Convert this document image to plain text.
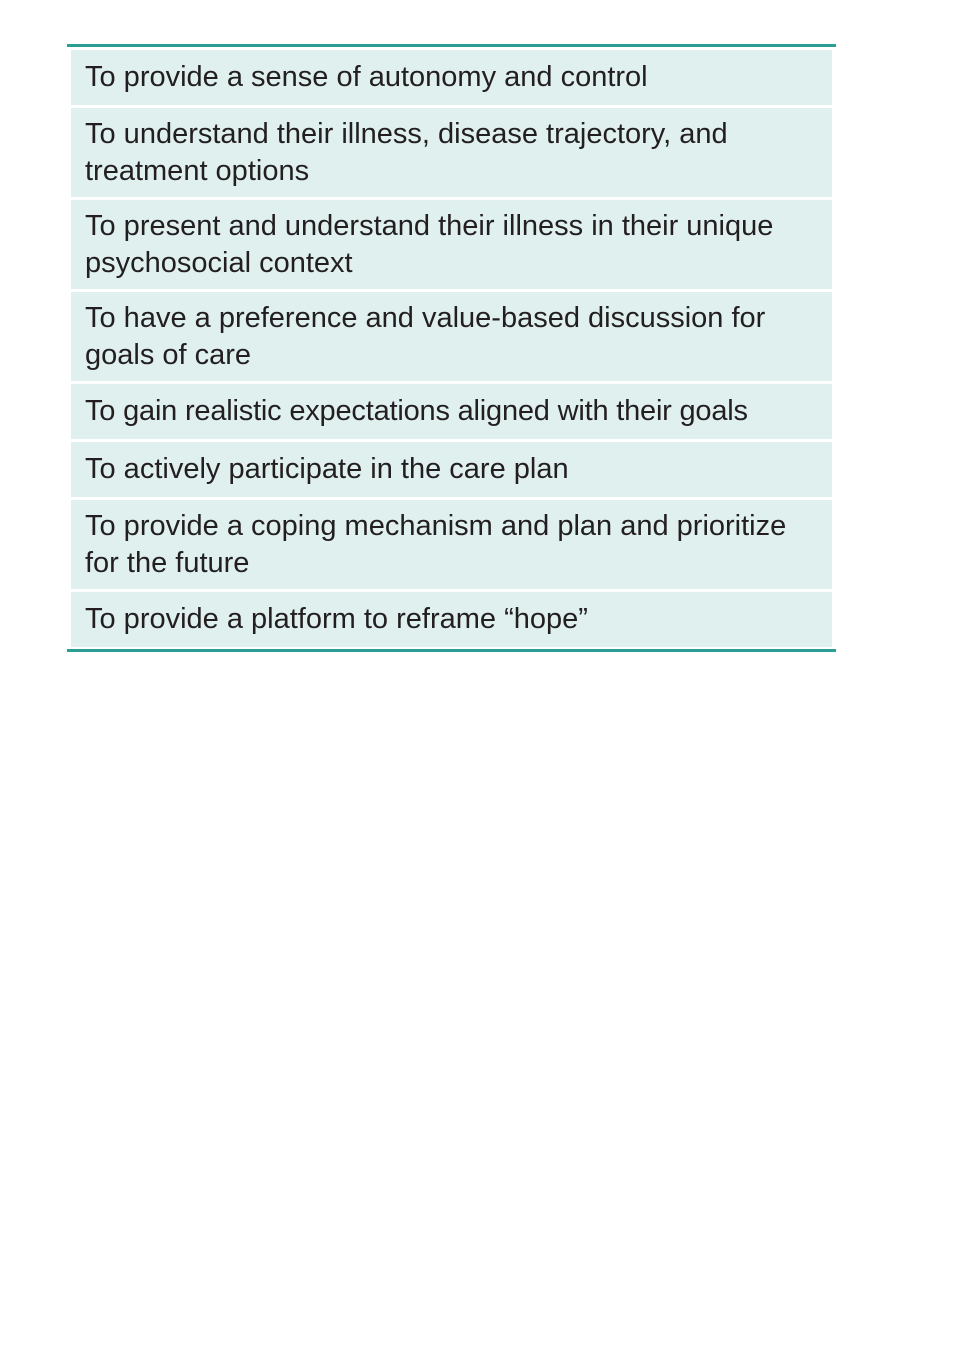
To provide a sense of autonomy and control
To understand their illness, disease trajectory, and treatment options
To present and understand their illness in their unique psychosocial context
To have a preference and value-based discussion for goals of care
To gain realistic expectations aligned with their goals
To actively participate in the care plan
To provide a coping mechanism and plan and prioritize for the future
To provide a platform to reframe “hope”
